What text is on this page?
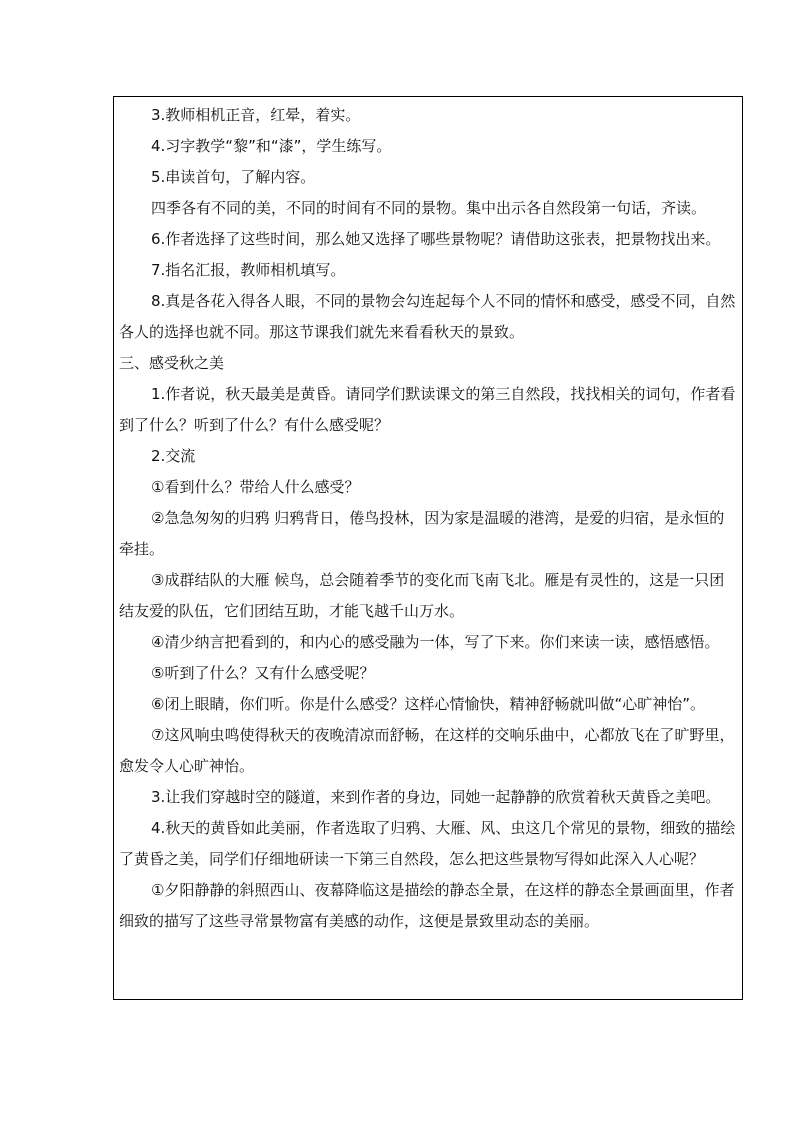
3.教师相机正音，红晕，着实。

4.习字教学“黎”和“漆”，学生练写。

5.串读首句，了解内容。

四季各有不同的美，不同的时间有不同的景物。集中出示各自然段第一句话，齐读。

6.作者选择了这些时间，那么她又选择了哪些景物呢？请借助这张表，把景物找出来。

7.指名汇报，教师相机填写。

8.真是各花入得各人眼，不同的景物会勾连起每个人不同的情怀和感受，感受不同，自然各人的选择也就不同。那这节课我们就先来看看秋天的景致。

三、感受秋之美

1.作者说，秋天最美是黄昏。请同学们默读课文的第三自然段，找找相关的词句，作者看到了什么？听到了什么？有什么感受呢？

2.交流

①看到什么？带给人什么感受？

②急急匆匆的归鸦 归鸦背日，倦鸟投林，因为家是温暖的港湾，是爱的归宿，是永恒的牵挂。

③成群结队的大雁 候鸟，总会随着季节的变化而飞南飞北。雁是有灵性的，这是一只团结友爱的队伍，它们团结互助，才能飞越千山万水。

④清少纳言把看到的，和内心的感受融为一体，写了下来。你们来读一读，感悟感悟。

⑤听到了什么？又有什么感受呢？

⑥闭上眼睛，你们听。你是什么感受？这样心情愉快，精神舒畅就叫做“心旷神怡”。

⑦这风响虫鸣使得秋天的夜晚清凉而舒畅，在这样的交响乐曲中，心都放飞在了旷野里，愈发令人心旷神怡。

3.让我们穿越时空的隧道，来到作者的身边，同她一起静静的欣赏着秋天黄昏之美吧。

4.秋天的黄昏如此美丽，作者选取了归鸦、大雁、风、虫这几个常见的景物，细致的描绘了黄昏之美，同学们仔细地研读一下第三自然段，怎么把这些景物写得如此深入人心呢？

①夕阳静静的斜照西山、夜幕降临这是描绘的静态全景，在这样的静态全景画面里，作者细致的描写了这些寻常景物富有美感的动作，这便是景致里动态的美丽。
